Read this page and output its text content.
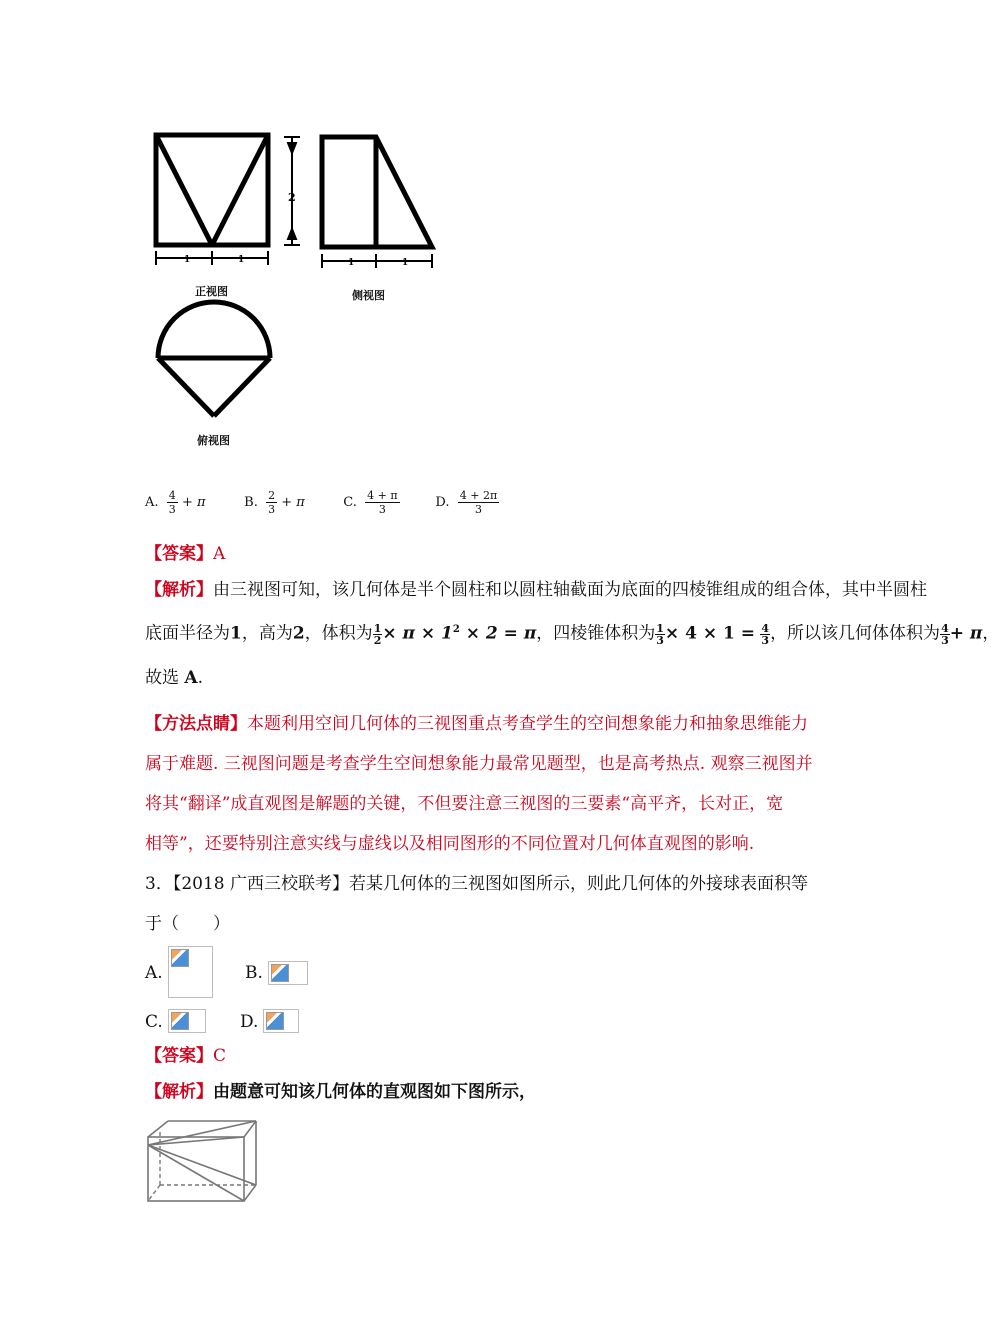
1	1
2
1	1
正视图	侧视图
俯视图
A. $\frac{4}{3} + \pi$	B. $\frac{2}{3} + \pi$	C. $\frac{4 + \pi}{3}$	D. $\frac{4 + 2\pi}{3}$
【答案】A
【解析】由三视图可知，该几何体是半个圆柱和以圆柱轴截面为底面的四棱锥组成的组合体，其中半圆柱
底面半径为1，高为2，体积为 $\frac{1}{2} \times \pi \times 1^2 \times 2 = \pi$，四棱锥体积为 $\frac{1}{3} \times 4 \times 1 = \frac{4}{3}$ ，所以该几何体体积为 $\frac{4}{3} + \pi$，
故选 A.
【方法点睛】本题利用空间几何体的三视图重点考查学生的空间想象能力和抽象思维能力
属于难题. 三视图问题是考查学生空间想象能力最常见题型，也是高考热点. 观察三视图并
将其“翻译”成直观图是解题的关键，不但要注意三视图的三要素“高平齐，长对正，宽
相等”，还要特别注意实线与虚线以及相同图形的不同位置对几何体直观图的影响.
3．【2018 广西三校联考】若某几何体的三视图如图所示，则此几何体的外接球表面积等
于（　　）
A.	B.
C.	D.
【答案】C
【解析】由题意可知该几何体的直观图如下图所示，
